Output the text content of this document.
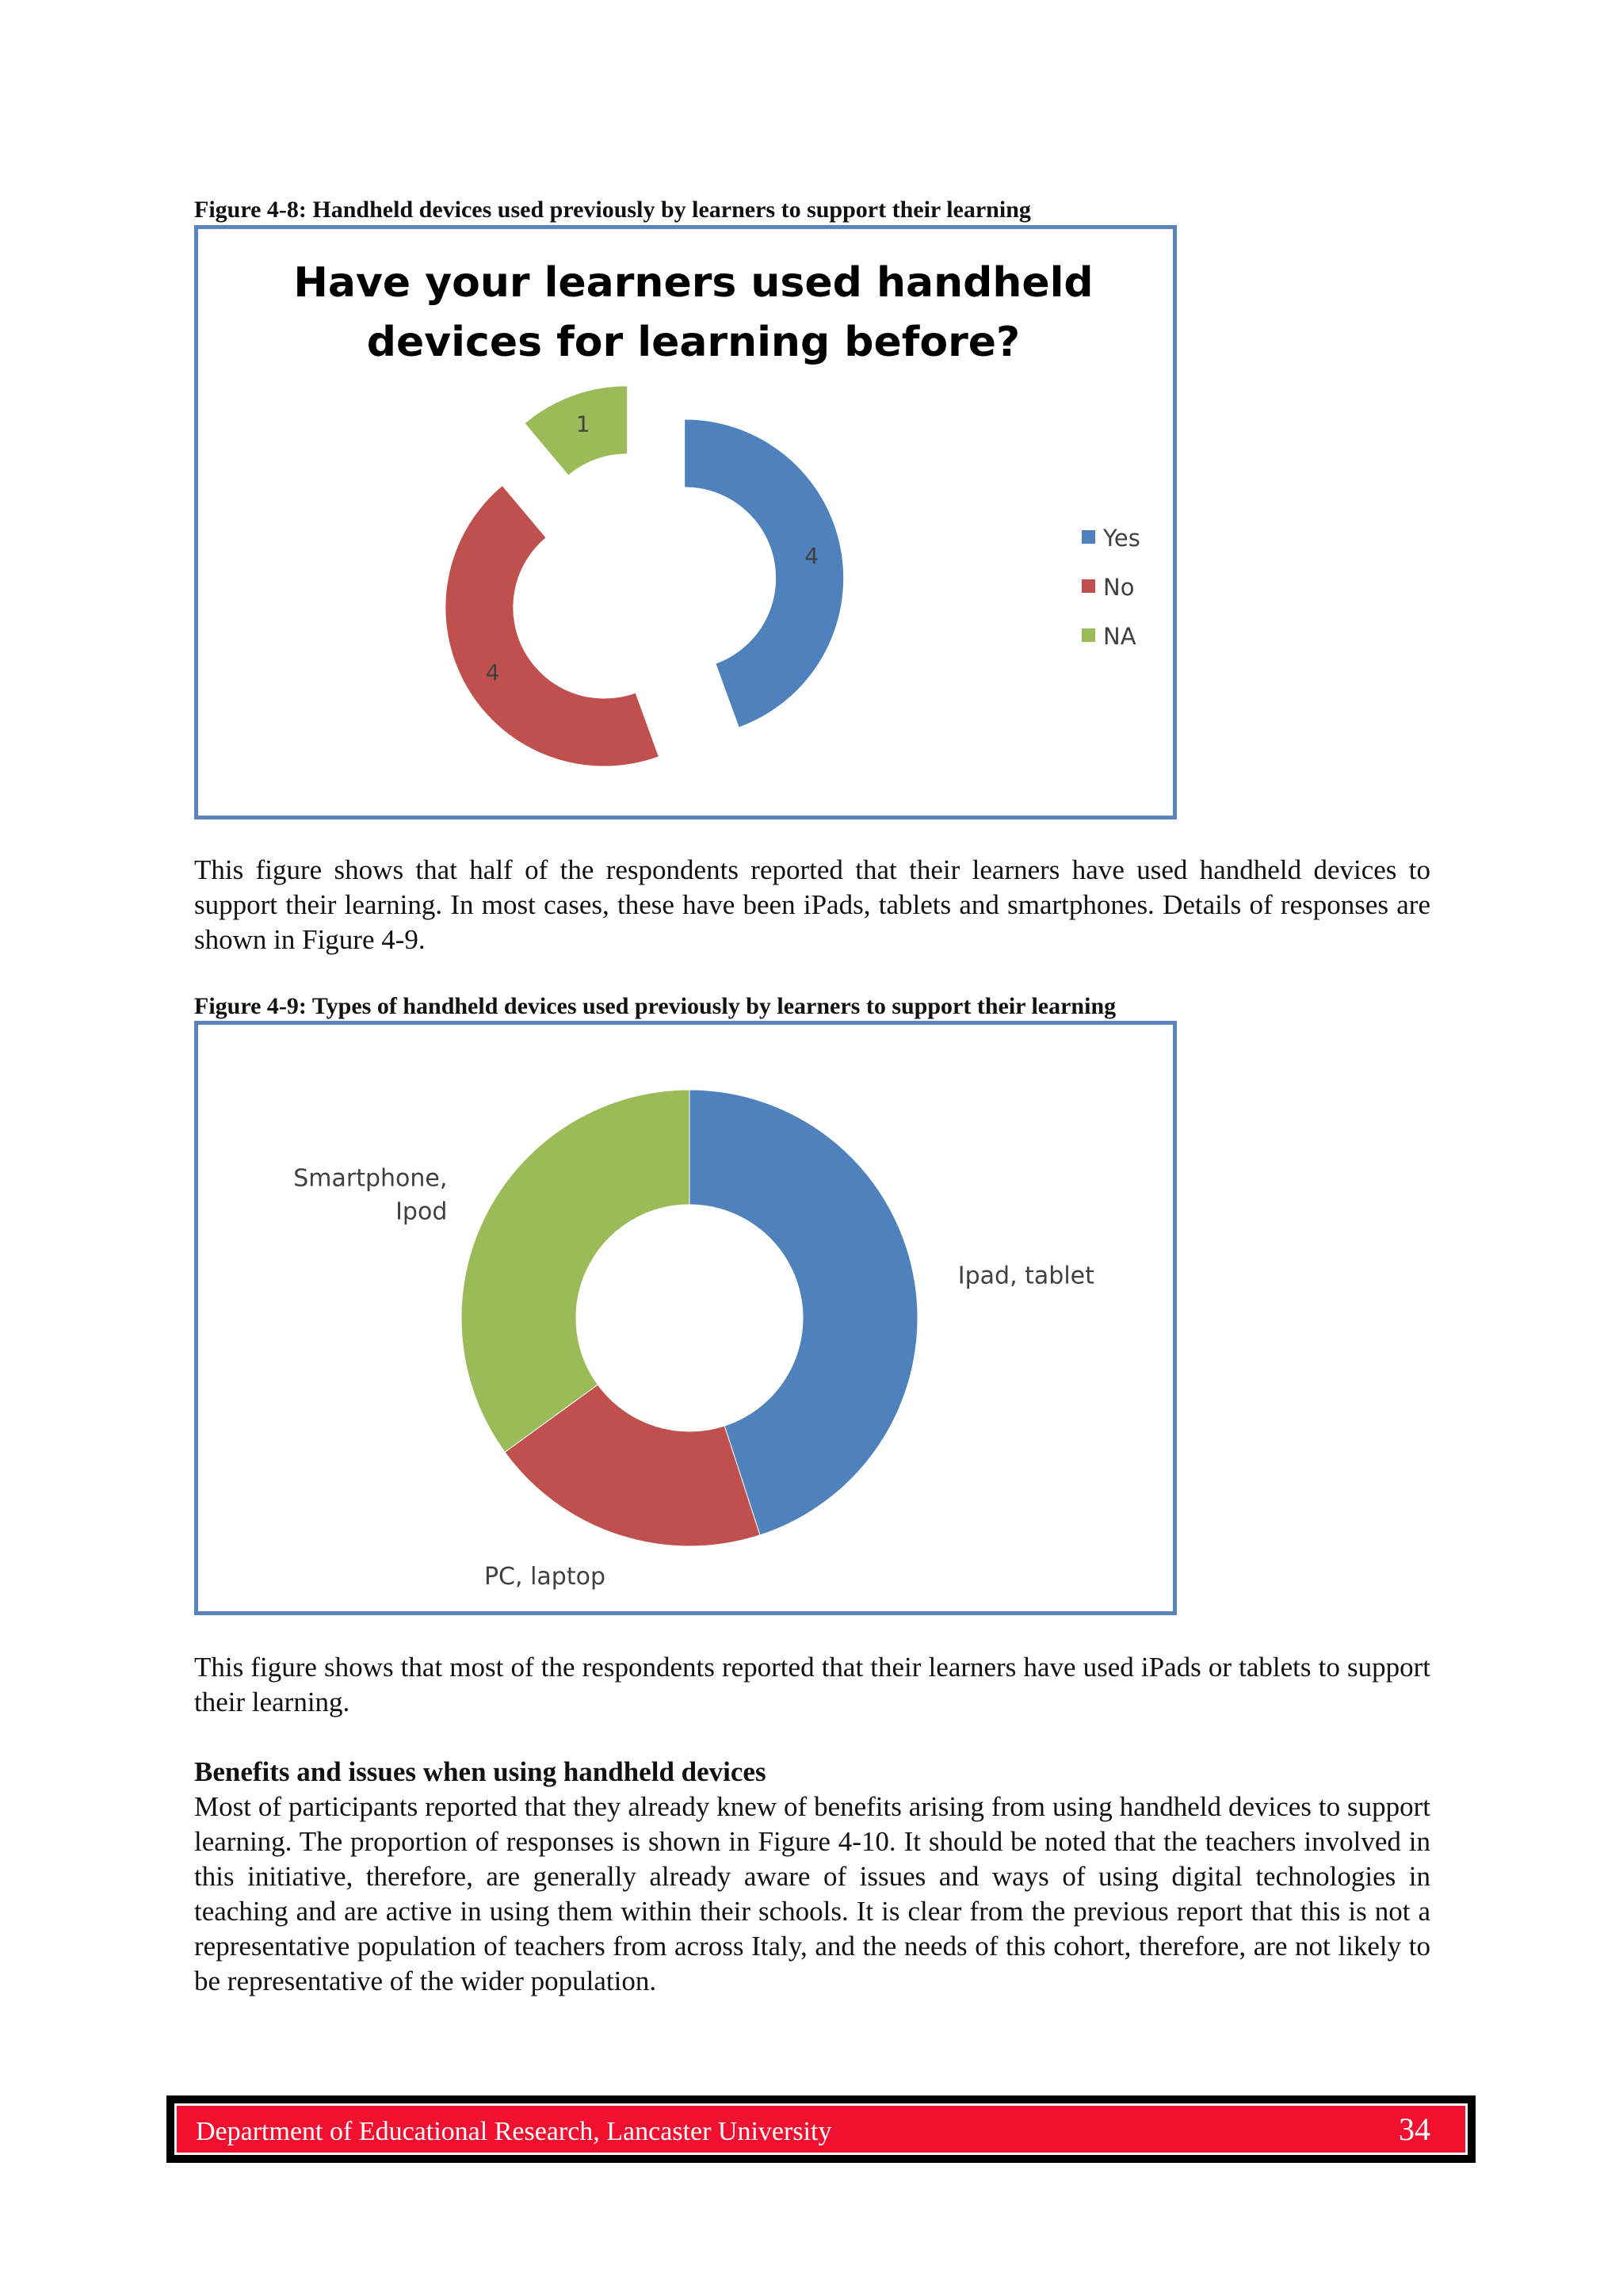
Figure 4-8: Handheld devices used previously by learners to support their learning
Have your learners used handheld
devices for learning before?
4
4
1
Yes
No
NA

This figure shows that half of the respondents reported that their learners have used handheld devices to support their learning. In most cases, these have been iPads, tablets and smartphones. Details of responses are shown in Figure 4-9.

Figure 4-9: Types of handheld devices used previously by learners to support their learning
Ipad, tablet
PC, laptop
Smartphone, Ipod

This figure shows that most of the respondents reported that their learners have used iPads or tablets to support their learning.

Benefits and issues when using handheld devices

Most of participants reported that they already knew of benefits arising from using handheld devices to support learning. The proportion of responses is shown in Figure 4-10. It should be noted that the teachers involved in this initiative, therefore, are generally already aware of issues and ways of using digital technologies in teaching and are active in using them within their schools. It is clear from the previous report that this is not a representative population of teachers from across Italy, and the needs of this cohort, therefore, are not likely to be representative of the wider population.

Department of Educational Research, Lancaster University	34
